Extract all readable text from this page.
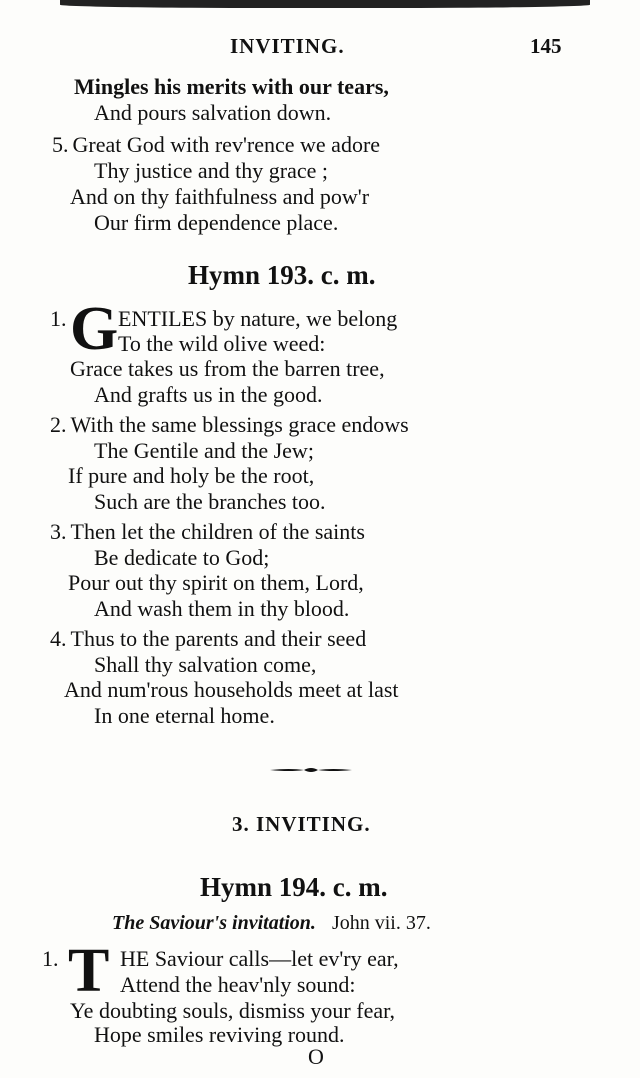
INVITING.	145
Mingles his merits with our tears,
And pours salvation down.
5. Great God with rev'rence we adore
Thy justice and thy grace ;
And on thy faithfulness and pow'r
Our firm dependence place.
Hymn 193. c. m.
1. G ENTILES by nature, we belong
To the wild olive weed:
Grace takes us from the barren tree,
And grafts us in the good.
2. With the same blessings grace endows
The Gentile and the Jew;
If pure and holy be the root,
Such are the branches too.
3. Then let the children of the saints
Be dedicate to God;
Pour out thy spirit on them, Lord,
And wash them in thy blood.
4. Thus to the parents and their seed
Shall thy salvation come,
And num'rous households meet at last
In one eternal home.
3. INVITING.
Hymn 194. c. m.
The Saviour's invitation. John vii. 37.
1. T HE Saviour calls—let ev'ry ear,
Attend the heav'nly sound:
Ye doubting souls, dismiss your fear,
Hope smiles reviving round.
O
